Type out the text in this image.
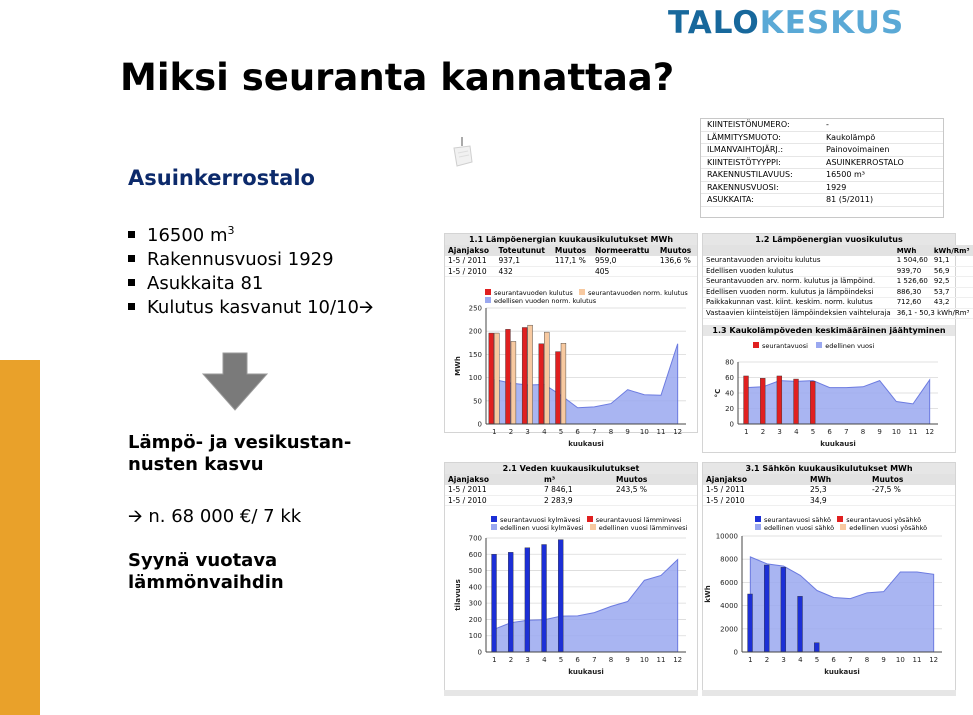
TALOKESKUS
Miksi seuranta kannattaa?
Asuinkerrostalo
16500 $m^3$
Rakennusvuosi 1929
Asukkaita 81
Kulutus kasvanut 10/10🡪
Lämpö- ja vesikustan-
nusten kasvu
🡪 n. 68 000 €/ 7 kk
Syynä vuotava
lämmönvaihdin
KIINTEISTÖNUMERO:	-
LÄMMITYSMUOTO:	Kaukolämpö
ILMANVAIHTOJÄRJ.:	Painovoimainen
KIINTEISTÖTYYPPI:	ASUINKERROSTALO
RAKENNUSTILAVUUS:	16500 m³
RAKENNUSVUOSI:	1929
ASUKKAITA:	81 (5/2011)
1.1 Lämpöenergian kuukausikulutukset MWh
Ajanjakso	Toteutunut	Muutos	Normeerattu	Muutos
1-5 / 2011	937,1	117,1 %	959,0	136,6 %
1-5 / 2010	432		405	
seurantavuoden kulutus seurantavuoden norm. kulutus
edellisen vuoden norm. kulutus
0
50
100
150
200
250
1 2 3 4 5 6 7 8 9 10 11 12
kuukausi
MWh
1.2 Lämpöenergian vuosikulutus
	MWh	kWh/Rm³
Seurantavuoden arvioitu kulutus	1 504,60	91,1
Edellisen vuoden kulutus	939,70	56,9
Seurantavuoden arv. norm. kulutus ja lämpöind.	1 526,60	92,5
Edellisen vuoden norm. kulutus ja lämpöindeksi	886,30	53,7
Paikkakunnan vast. kiint. keskim. norm. kulutus	712,60	43,2
Vastaavien kiinteistöjen lämpöindeksien vaihteluraja	36,1 - 50,3 kWh/Rm³	
1.3 Kaukolämpöveden keskimääräinen jäähtyminen
seurantavuosi	edellinen vuosi
0
20
40
60
80
1 2 3 4 5 6 7 8 9 10 11 12
kuukausi
°C
2.1 Veden kuukausikulutukset
Ajanjakso	m³	Muutos
1-5 / 2011	7 846,1	243,5 %
1-5 / 2010	2 283,9	
seurantavuosi kylmävesi seurantavuosi lämminvesi
edellinen vuosi kylmävesi edellinen vuosi lämminvesi
0
100
200
300
400
500
600
700
1 2 3 4 5 6 7 8 9 10 11 12
kuukausi
tilavuus
3.1 Sähkön kuukausikulutukset MWh
Ajanjakso	MWh	Muutos
1-5 / 2011	25,3	-27,5 %
1-5 / 2010	34,9	
seurantavuosi sähkö seurantavuosi yösähkö
edellinen vuosi sähkö edellinen vuosi yösähkö
0
2000
4000
6000
8000
10000
1 2 3 4 5 6 7 8 9 10 11 12
kuukausi
kWh
